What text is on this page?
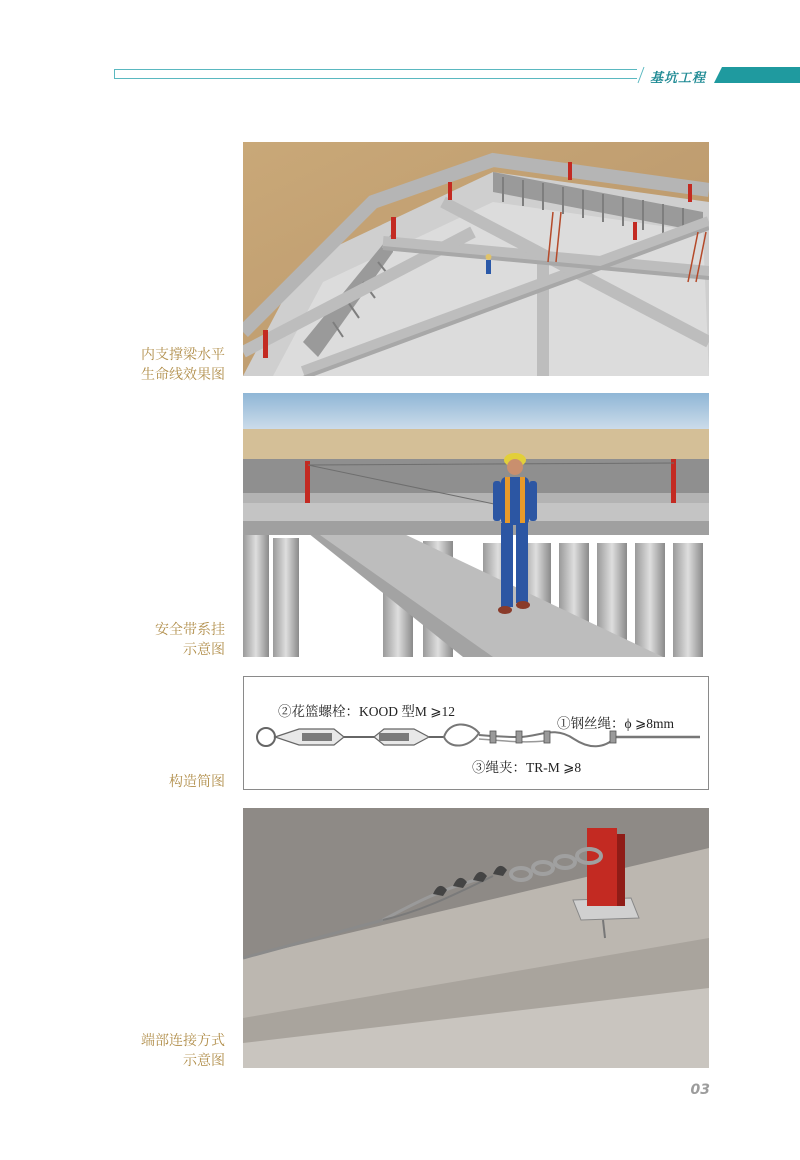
基坑工程
内支撑梁水平
生命线效果图
安全带系挂
示意图
②花篮螺栓：KOOD 型M ⩾12
①钢丝绳：ϕ ⩾8mm
③绳夹：TR-M ⩾8
构造简图
端部连接方式
示意图
03
